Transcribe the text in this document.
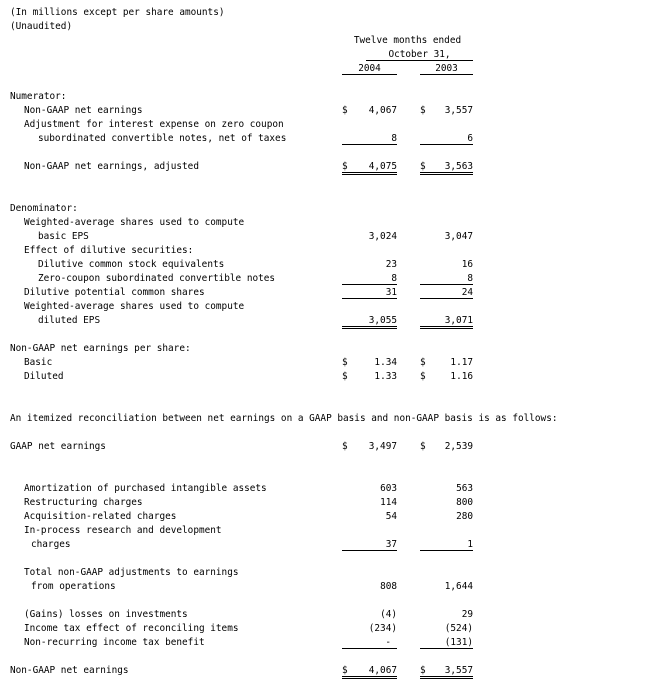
(In millions except per share amounts)
(Unaudited)
Twelve months ended
October 31,
2004	2003
Numerator:
Non-GAAP net earnings	$ 4,067 $ 3,557
Adjustment for interest expense on zero coupon
subordinated convertible notes, net of taxes	8	6
Non-GAAP net earnings, adjusted	$ 4,075 $ 3,563
Denominator:
Weighted-average shares used to compute
basic EPS	3,024	3,047
Effect of dilutive securities:
Dilutive common stock equivalents	23	16
Zero-coupon subordinated convertible notes	8	8
Dilutive potential common shares	31	24
Weighted-average shares used to compute
diluted EPS	3,055	3,071
Non-GAAP net earnings per share:
Basic	$	1.34 $	1.17
Diluted	$	1.33 $	1.16
An itemized reconciliation between net earnings on a GAAP basis and non-GAAP basis is as follows:
GAAP net earnings	$ 3,497 $ 2,539
Amortization of purchased intangible assets	603	563
Restructuring charges	114	800
Acquisition-related charges	54	280
In-process research and development
charges	37	1
Total non-GAAP adjustments to earnings
from operations	808	1,644
(Gains) losses on investments	(4)	29
Income tax effect of reconciling items	(234)	(524)
Non-recurring income tax benefit	-	(131)
Non-GAAP net earnings	$ 4,067 $ 3,557
